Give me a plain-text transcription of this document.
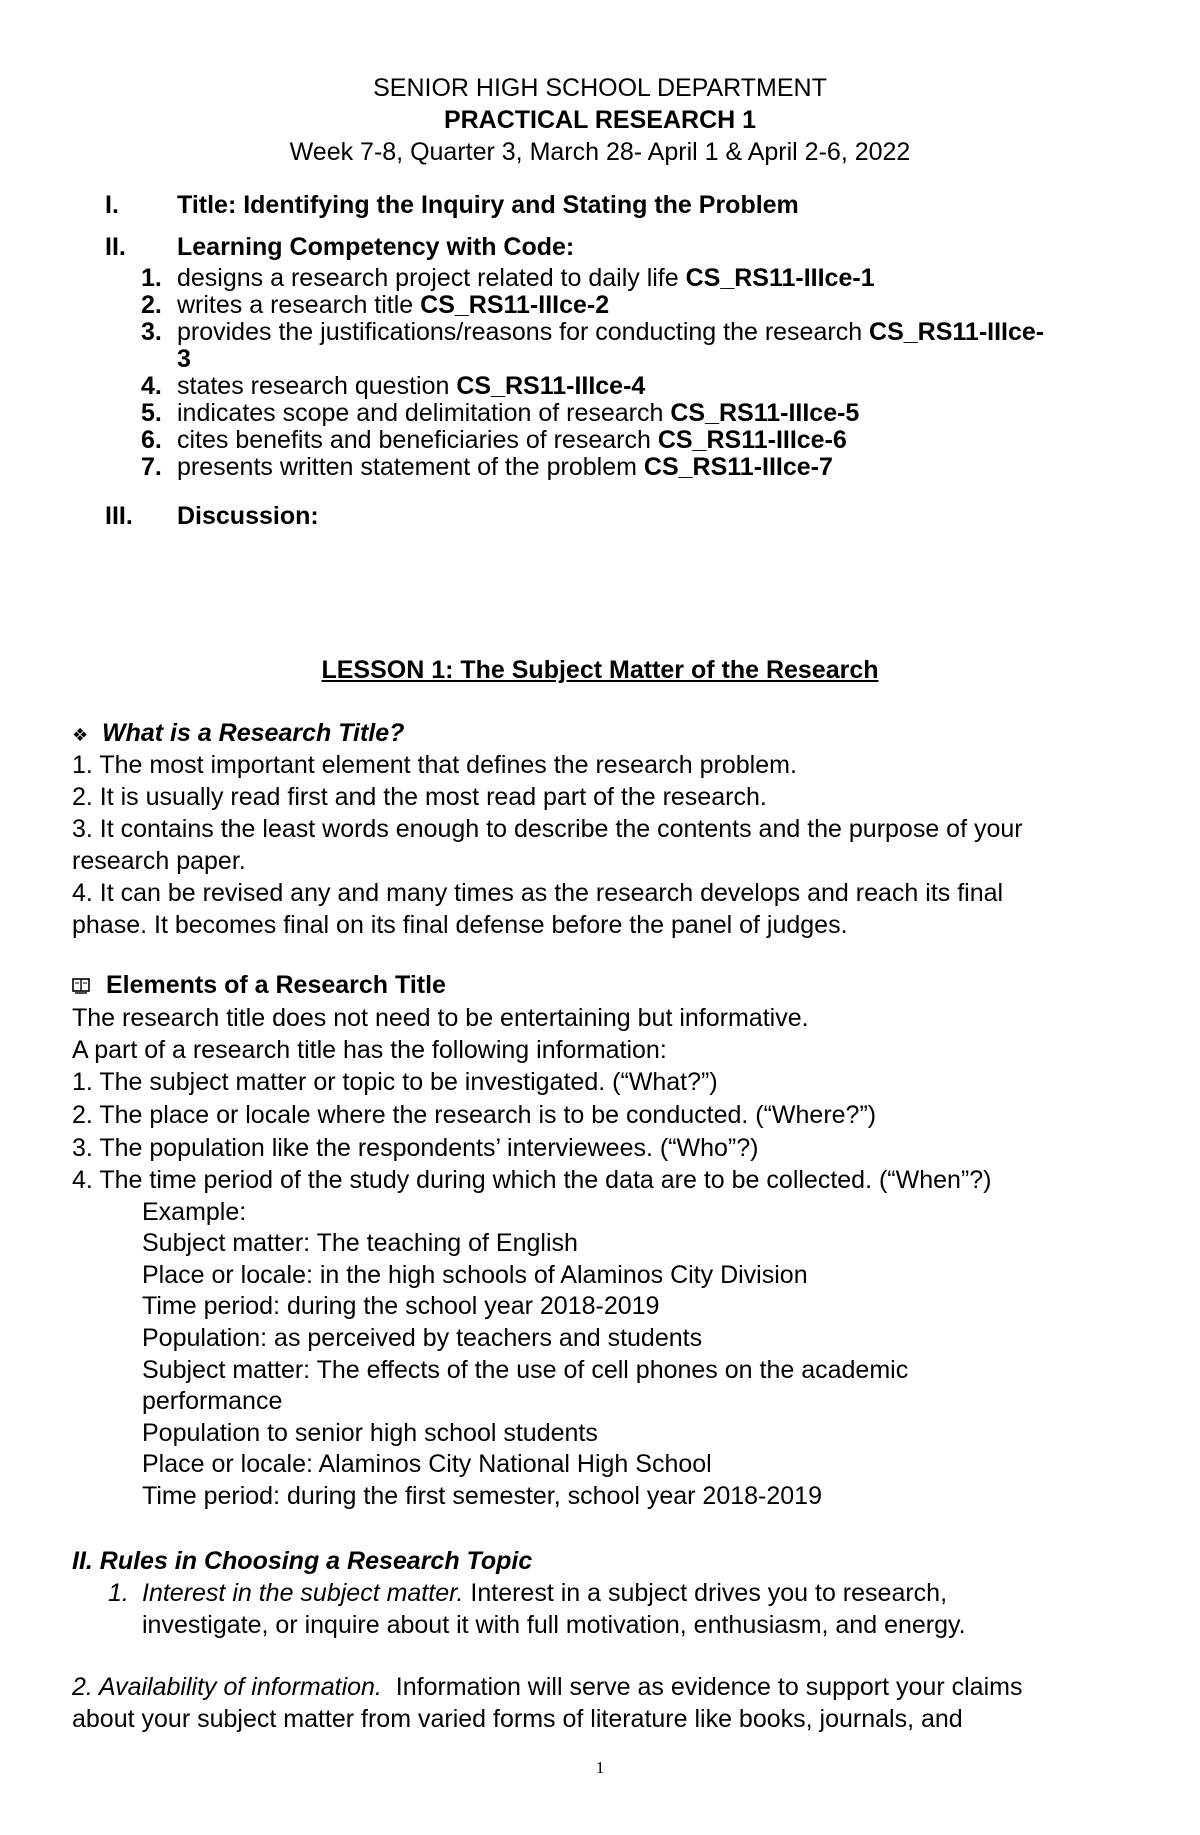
SENIOR HIGH SCHOOL DEPARTMENT
PRACTICAL RESEARCH 1
Week 7-8, Quarter 3, March 28- April 1 & April 2-6, 2022
I. Title: Identifying the Inquiry and Stating the Problem
II. Learning Competency with Code:
1. designs a research project related to daily life CS_RS11-IIIce-1
2. writes a research title CS_RS11-IIIce-2
3. provides the justifications/reasons for conducting the research CS_RS11-IIIce-
3
4. states research question CS_RS11-IIIce-4
5. indicates scope and delimitation of research CS_RS11-IIIce-5
6. cites benefits and beneficiaries of research CS_RS11-IIIce-6
7. presents written statement of the problem CS_RS11-IIIce-7
III. Discussion:
LESSON 1: The Subject Matter of the Research
❖ What is a Research Title?
1. The most important element that defines the research problem.
2. It is usually read first and the most read part of the research.
3. It contains the least words enough to describe the contents and the purpose of your
research paper.
4. It can be revised any and many times as the research develops and reach its final
phase. It becomes final on its final defense before the panel of judges.
Elements of a Research Title
The research title does not need to be entertaining but informative.
A part of a research title has the following information:
1. The subject matter or topic to be investigated. (“What?”)
2. The place or locale where the research is to be conducted. (“Where?”)
3. The population like the respondents’ interviewees. (“Who”?)
4. The time period of the study during which the data are to be collected. (“When”?)
Example:
Subject matter: The teaching of English
Place or locale: in the high schools of Alaminos City Division
Time period: during the school year 2018-2019
Population: as perceived by teachers and students
Subject matter: The effects of the use of cell phones on the academic
performance
Population to senior high school students
Place or locale: Alaminos City National High School
Time period: during the first semester, school year 2018-2019
II. Rules in Choosing a Research Topic
1. Interest in the subject matter. Interest in a subject drives you to research,
investigate, or inquire about it with full motivation, enthusiasm, and energy.
2. Availability of information.  Information will serve as evidence to support your claims
about your subject matter from varied forms of literature like books, journals, and
1
